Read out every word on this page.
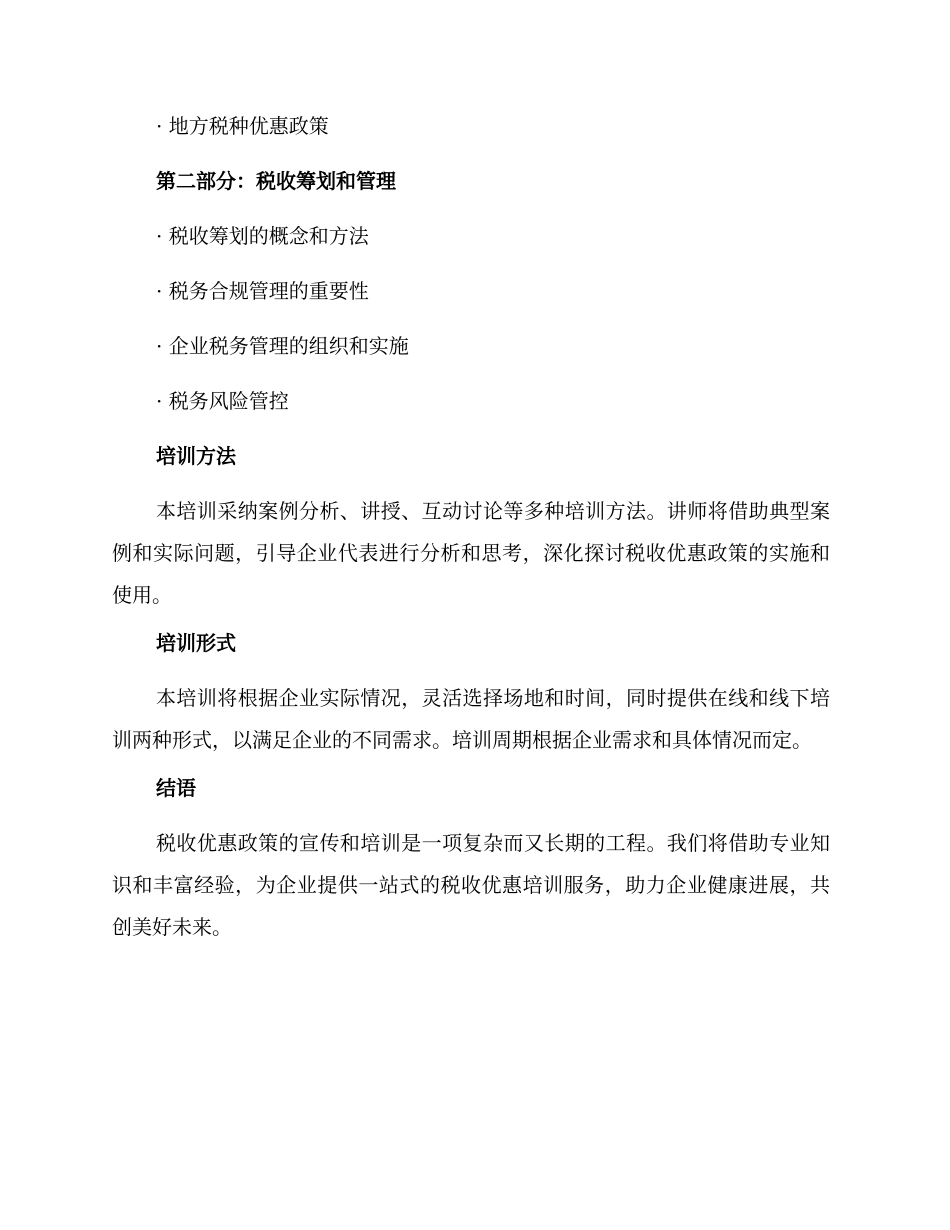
· 地方税种优惠政策
第二部分：税收筹划和管理
· 税收筹划的概念和方法
· 税务合规管理的重要性
· 企业税务管理的组织和实施
· 税务风险管控
培训方法

本培训采纳案例分析、讲授、互动讨论等多种培训方法。讲师将借助典型案例和实际问题，引导企业代表进行分析和思考，深化探讨税收优惠政策的实施和使用。

培训形式

本培训将根据企业实际情况，灵活选择场地和时间，同时提供在线和线下培训两种形式，以满足企业的不同需求。培训周期根据企业需求和具体情况而定。

结语

税收优惠政策的宣传和培训是一项复杂而又长期的工程。我们将借助专业知识和丰富经验，为企业提供一站式的税收优惠培训服务，助力企业健康进展，共创美好未来。
